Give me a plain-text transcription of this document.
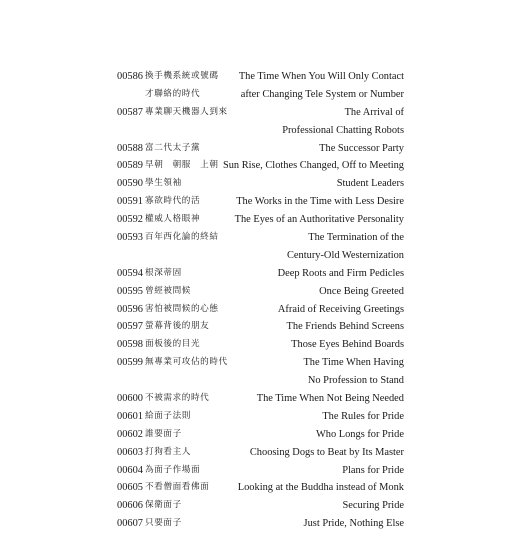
00586 換手機系統或號碼 The Time When You Will Only Contact
才聯絡的時代	after Changing Tele System or Number
00587 專業聊天機器人到來	The Arrival of
Professional Chatting Robots
00588 富二代太子黨	The Successor Party
00589 早朝　朝服　上朝 Sun Rise, Clothes Changed, Off to Meeting
00590 學生領袖	Student Leaders
00591 寡欲時代的活	The Works in the Time with Less Desire
00592 權威人格眼神	The Eyes of an Authoritative Personality
00593 百年西化論的終結	The Termination of the
Century-Old Westernization
00594 根深蒂固	Deep Roots and Firm Pedicles
00595 曾經被問候	Once Being Greeted
00596 害怕被問候的心態	Afraid of Receiving Greetings
00597 螢幕背後的朋友	The Friends Behind Screens
00598 面板後的目光	Those Eyes Behind Boards
00599 無專業可攻佔的時代	The Time When Having
No Profession to Stand
00600 不被需求的時代	The Time When Not Being Needed
00601 給面子法則	The Rules for Pride
00602 誰要面子	Who Longs for Pride
00603 打狗看主人	Choosing Dogs to Beat by Its Master
00604 為面子作場面	Plans for Pride
00605 不看僧面看佛面	Looking at the Buddha instead of Monk
00606 保衛面子	Securing Pride
00607 只要面子	Just Pride, Nothing Else
